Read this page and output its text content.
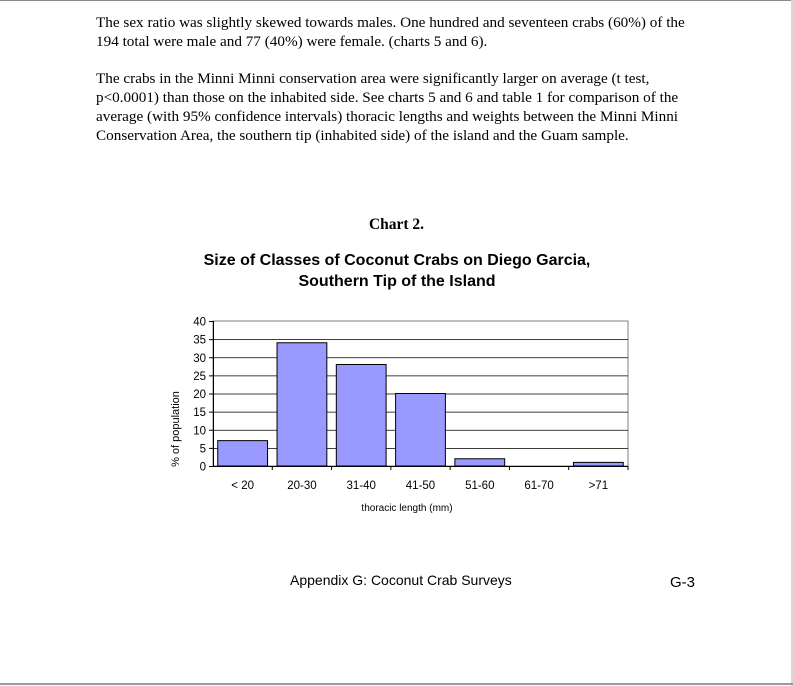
The sex ratio was slightly skewed towards males. One hundred and seventeen crabs (60%) of the 194 total were male and 77 (40%) were female. (charts 5 and 6).

The crabs in the Minni Minni conservation area were significantly larger on average (t test, p<0.0001) than those on the inhabited side. See charts 5 and 6 and table 1 for comparison of the average (with 95% confidence intervals) thoracic lengths and weights between the Minni Minni Conservation Area, the southern tip (inhabited side) of the island and the Guam sample.

Chart 2.
Size of Classes of Coconut Crabs on Diego Garcia, Southern Tip of the Island
0
5
10
15
20
25
30
35
40
< 20	20-30	31-40	41-50	51-60	61-70	>71
% of population
thoracic length (mm)
Appendix G: Coconut Crab Surveys	G-3
